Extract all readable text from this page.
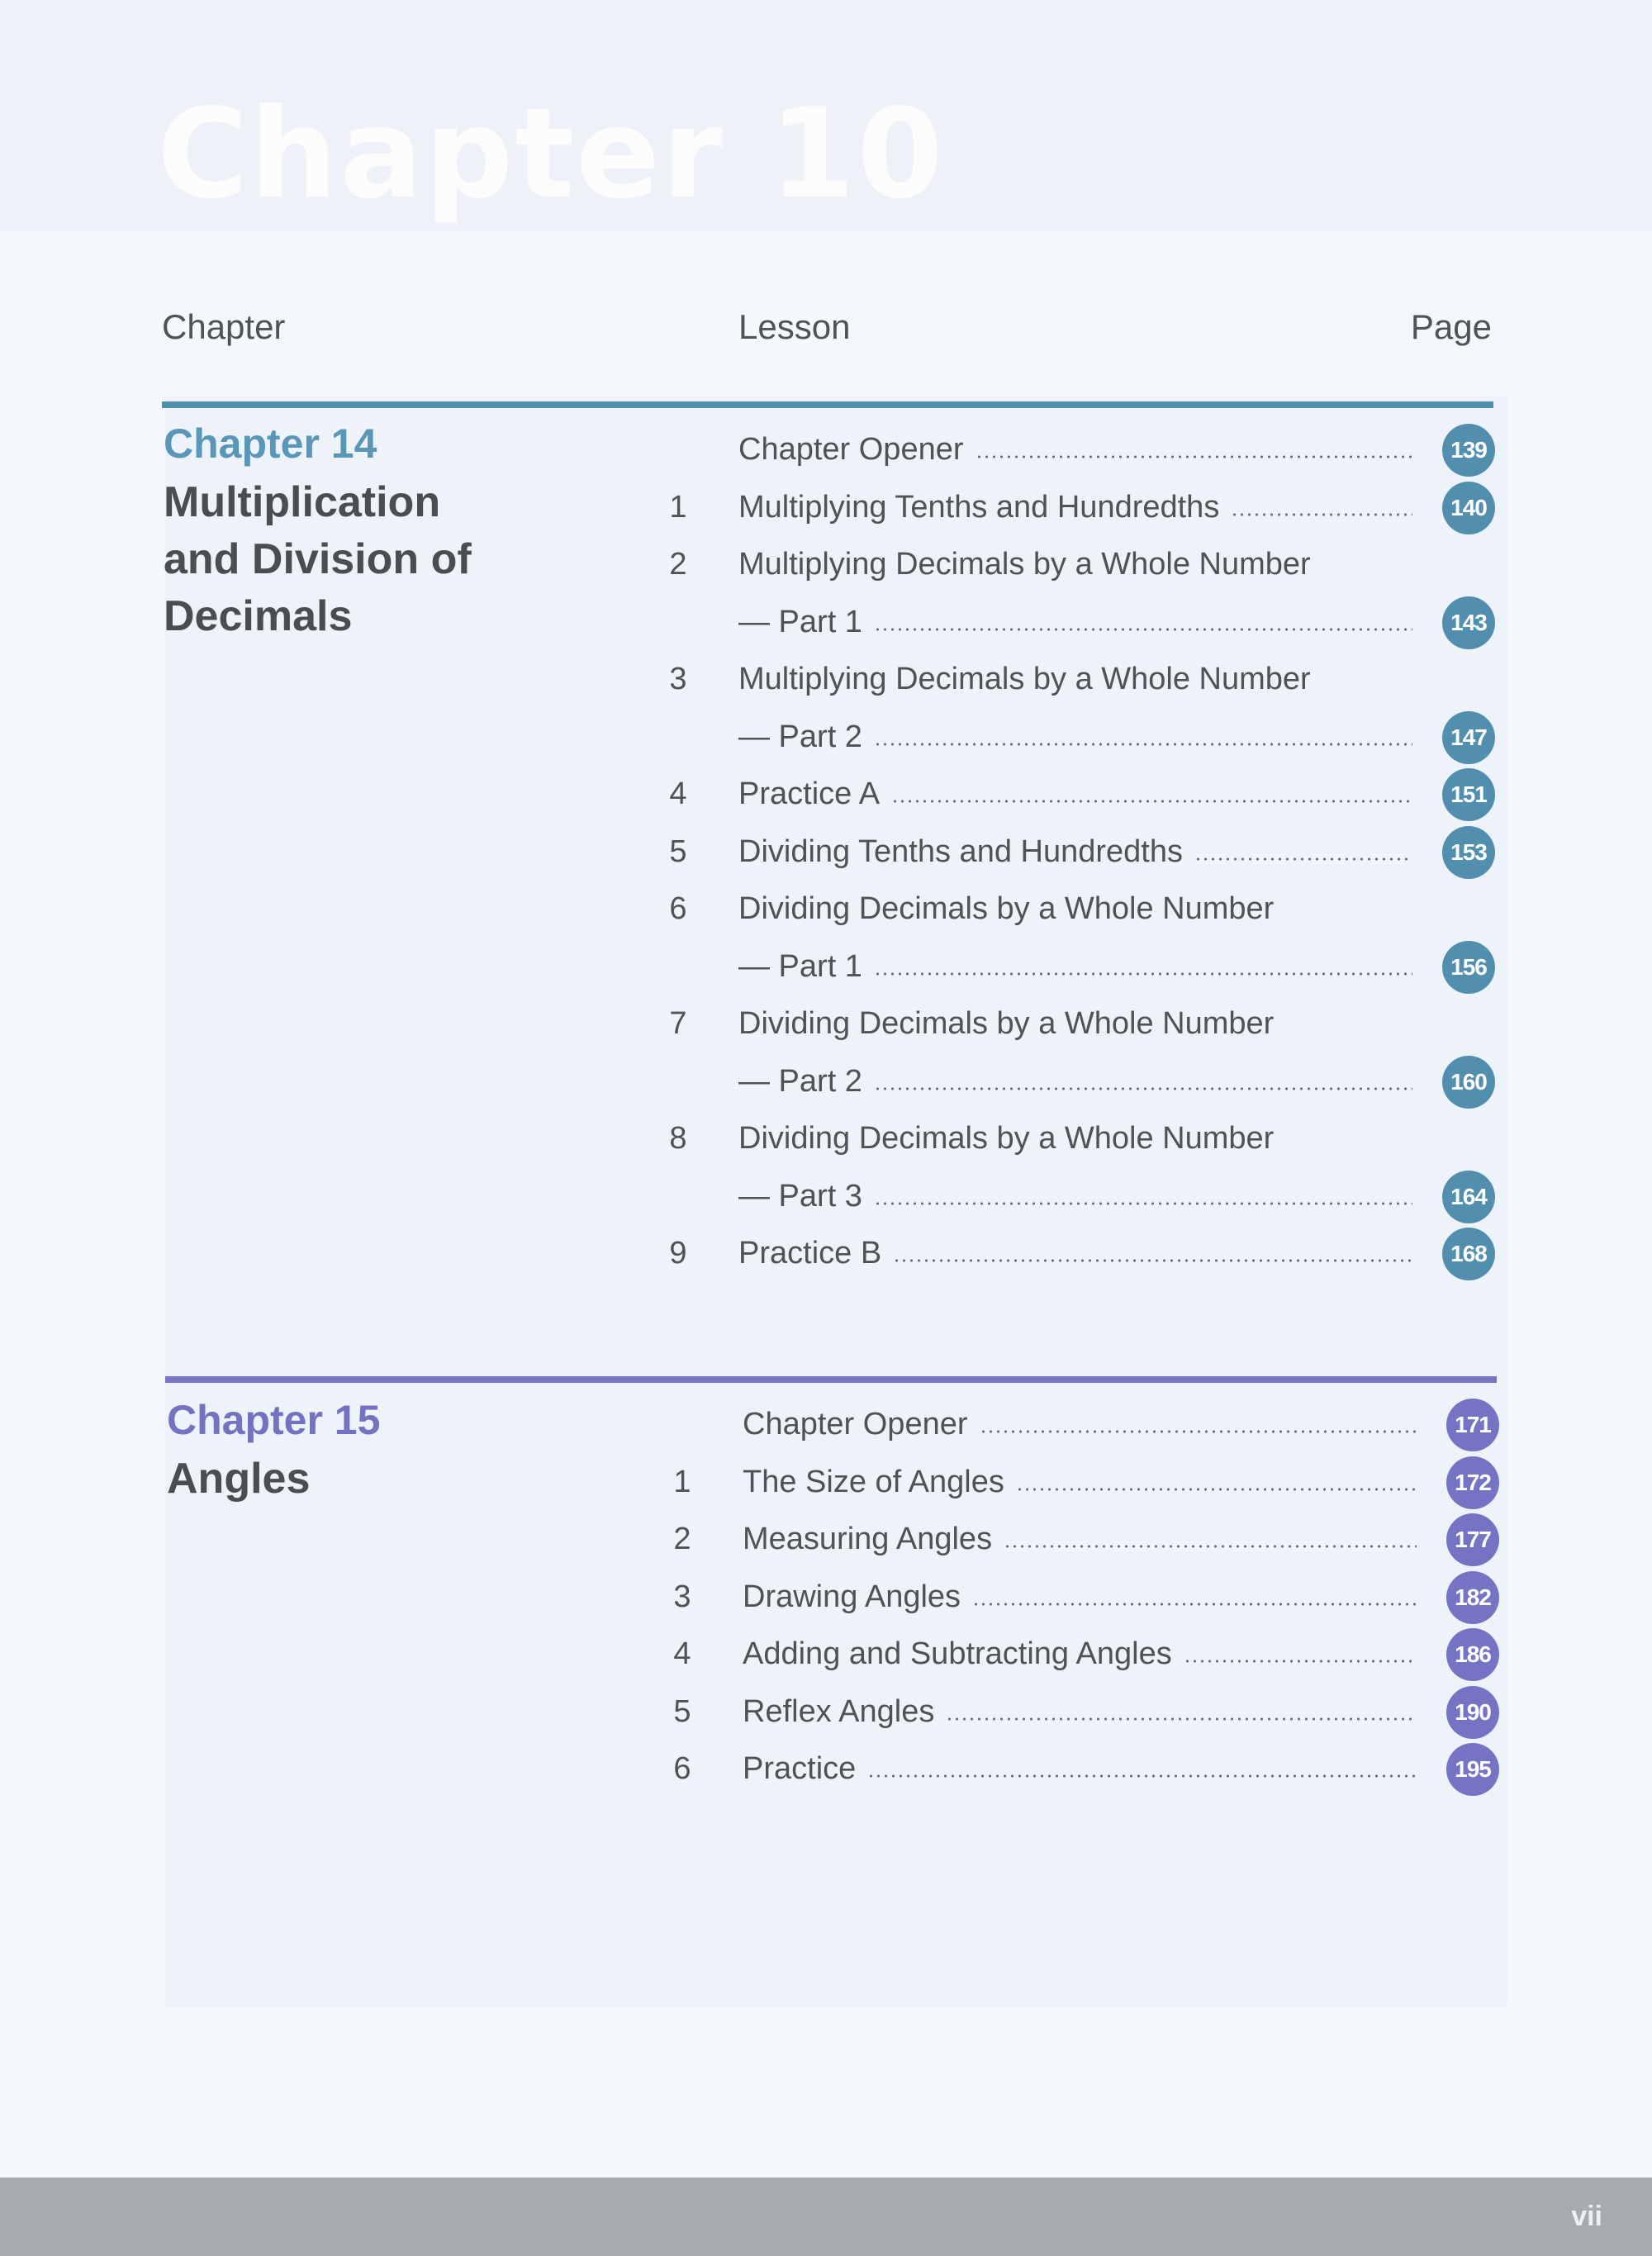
Chapter 10
Chapter	Lesson	Page
Chapter 14
Multiplication
and Division of
Decimals
Chapter Opener	139
1 Multiplying Tenths and Hundredths	140
2 Multiplying Decimals by a Whole Number
— Part 1	143
3 Multiplying Decimals by a Whole Number
— Part 2	147
4 Practice A	151
5 Dividing Tenths and Hundredths	153
6 Dividing Decimals by a Whole Number
— Part 1	156
7 Dividing Decimals by a Whole Number
— Part 2	160
8 Dividing Decimals by a Whole Number
— Part 3	164
9 Practice B	168
Chapter 15
Angles
Chapter Opener	171
1 The Size of Angles	172
2 Measuring Angles	177
3 Drawing Angles	182
4 Adding and Subtracting Angles	186
5 Reflex Angles	190
6 Practice	195
vii
